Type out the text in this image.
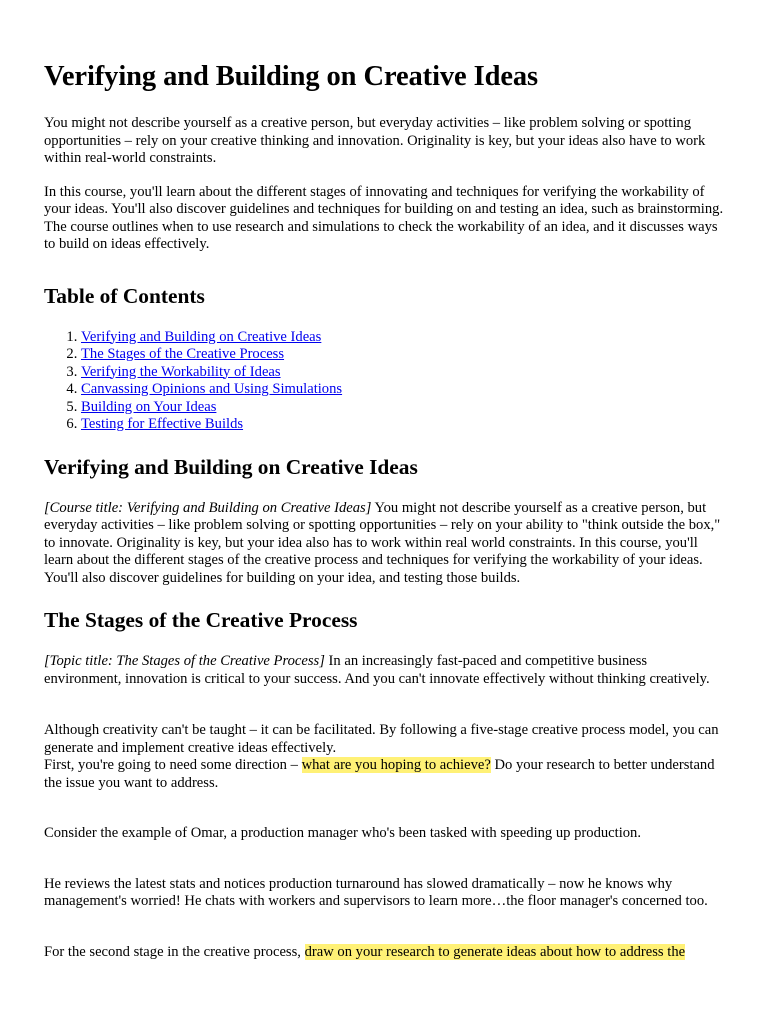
Verifying and Building on Creative Ideas

You might not describe yourself as a creative person, but everyday activities – like problem solving or spotting opportunities – rely on your creative thinking and innovation. Originality is key, but your ideas also have to work within real-world constraints.

In this course, you'll learn about the different stages of innovating and techniques for verifying the workability of your ideas. You'll also discover guidelines and techniques for building on and testing an idea, such as brainstorming. The course outlines when to use research and simulations to check the workability of an idea, and it discusses ways to build on ideas effectively.

Table of Contents
1. Verifying and Building on Creative Ideas
2. The Stages of the Creative Process
3. Verifying the Workability of Ideas
4. Canvassing Opinions and Using Simulations
5. Building on Your Ideas
6. Testing for Effective Builds
Verifying and Building on Creative Ideas

[Course title: Verifying and Building on Creative Ideas] You might not describe yourself as a creative person, but everyday activities – like problem solving or spotting opportunities – rely on your ability to "think outside the box," to innovate. Originality is key, but your idea also has to work within real world constraints. In this course, you'll learn about the different stages of the creative process and techniques for verifying the workability of your ideas. You'll also discover guidelines for building on your idea, and testing those builds.

The Stages of the Creative Process

[Topic title: The Stages of the Creative Process] In an increasingly fast-paced and competitive business environment, innovation is critical to your success. And you can't innovate effectively without thinking creatively.

Although creativity can't be taught – it can be facilitated. By following a five-stage creative process model, you can generate and implement creative ideas effectively.
First, you're going to need some direction – what are you hoping to achieve? Do your research to better understand the issue you want to address.

Consider the example of Omar, a production manager who's been tasked with speeding up production.

He reviews the latest stats and notices production turnaround has slowed dramatically – now he knows why management's worried! He chats with workers and supervisors to learn more…the floor manager's concerned too.

For the second stage in the creative process, draw on your research to generate ideas about how to address the
